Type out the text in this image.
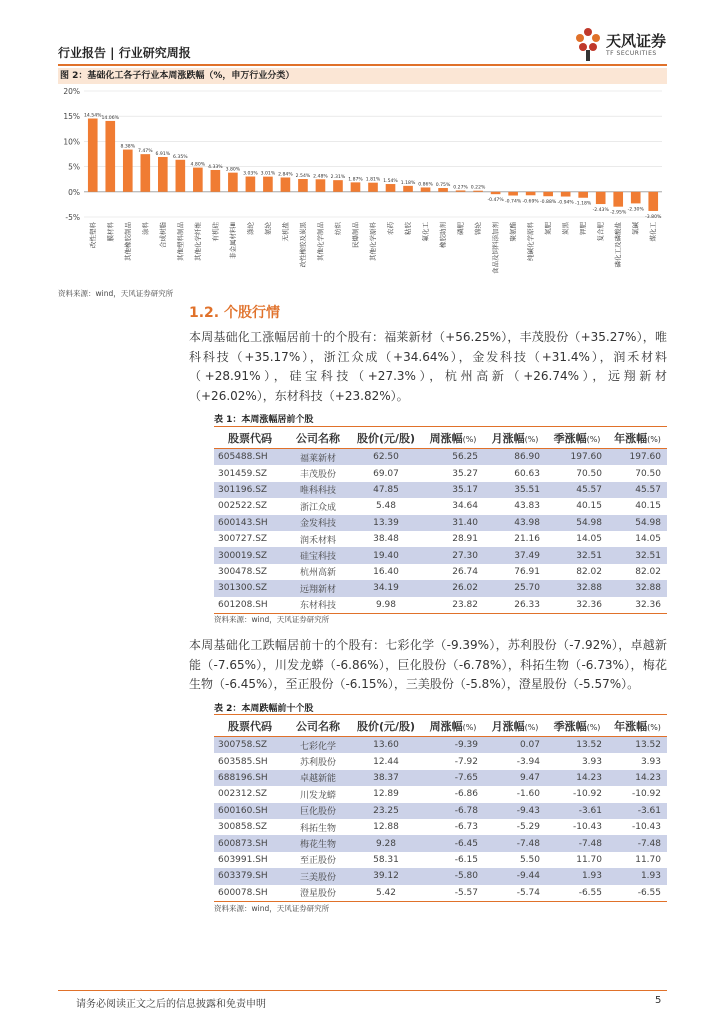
行业报告 | 行业研究周报
天风证券
TF SECURITIES
图 2：基础化工各子行业本周涨跌幅（%，申万行业分类）
-5%
0%
5%
10%
15%
20%
14.54%
改性塑料
14.06%
膜材料
8.38%
其他橡胶制品
7.47%
涂料
6.91%
合成树脂
6.35%
其他塑料制品
4.80%
其他化学纤维
4.33%
有机硅
3.80%
非金属材料Ⅲ
3.03%
涤纶
3.01%
氨纶
2.84%
无机盐
2.54%
改性橡胶及炭黑
2.48%
其他化学制品
2.31%
纺织
1.87%
民爆制品
1.81%
其他化学原料
1.54%
农药
1.18%
粘胶
0.86%
氟化工
0.75%
橡胶助剂
0.27%
磷肥
0.22%
锦纶
-0.47%
食品及饲料添加剂
-0.74%
聚氨酯
-0.69%
纯碱化学原料
-0.88%
氮肥
-0.94%
炭黑
-1.18%
钾肥
-2.43%
复合肥
-2.95%
磷化工及磷酸盐
-2.30%
氯碱
-3.80%
煤化工
资料来源：wind，天风证券研究所
1.2. 个股行情
本周基础化工涨幅居前十的个股有：福莱新材（+56.25%），丰茂股份（+35.27%），唯科科技（+35.17%），浙江众成（+34.64%），金发科技（+31.4%），润禾材料（+28.91%），硅宝科技（+27.3%），杭州高新（+26.74%），远翔新材（+26.02%），东材科技（+23.82%）。
表 1：本周涨幅居前个股
股票代码	公司名称	股价(元/股)	周涨幅(%)	月涨幅(%)	季涨幅(%)	年涨幅(%)
605488.SH	福莱新材	62.50	56.25	86.90	197.60	197.60
301459.SZ	丰茂股份	69.07	35.27	60.63	70.50	70.50
301196.SZ	唯科科技	47.85	35.17	35.51	45.57	45.57
002522.SZ	浙江众成	5.48	34.64	43.83	40.15	40.15
600143.SH	金发科技	13.39	31.40	43.98	54.98	54.98
300727.SZ	润禾材料	38.48	28.91	21.16	14.05	14.05
300019.SZ	硅宝科技	19.40	27.30	37.49	32.51	32.51
300478.SZ	杭州高新	16.40	26.74	76.91	82.02	82.02
301300.SZ	远翔新材	34.19	26.02	25.70	32.88	32.88
601208.SH	东材科技	9.98	23.82	26.33	32.36	32.36
资料来源：wind，天风证券研究所
本周基础化工跌幅居前十的个股有：七彩化学（-9.39%），苏利股份（-7.92%），卓越新能（-7.65%），川发龙蟒（-6.86%），巨化股份（-6.78%），科拓生物（-6.73%），梅花生物（-6.45%），至正股份（-6.15%），三美股份（-5.8%），澄星股份（-5.57%）。
表 2：本周跌幅前十个股
股票代码	公司名称	股价(元/股)	周涨幅(%)	月涨幅(%)	季涨幅(%)	年涨幅(%)
300758.SZ	七彩化学	13.60	-9.39	0.07	13.52	13.52
603585.SH	苏利股份	12.44	-7.92	-3.94	3.93	3.93
688196.SH	卓越新能	38.37	-7.65	9.47	14.23	14.23
002312.SZ	川发龙蟒	12.89	-6.86	-1.60	-10.92	-10.92
600160.SH	巨化股份	23.25	-6.78	-9.43	-3.61	-3.61
300858.SZ	科拓生物	12.88	-6.73	-5.29	-10.43	-10.43
600873.SH	梅花生物	9.28	-6.45	-7.48	-7.48	-7.48
603991.SH	至正股份	58.31	-6.15	5.50	11.70	11.70
603379.SH	三美股份	39.12	-5.80	-9.44	1.93	1.93
600078.SH	澄星股份	5.42	-5.57	-5.74	-6.55	-6.55
资料来源：wind，天风证券研究所
请务必阅读正文之后的信息披露和免责申明	5
